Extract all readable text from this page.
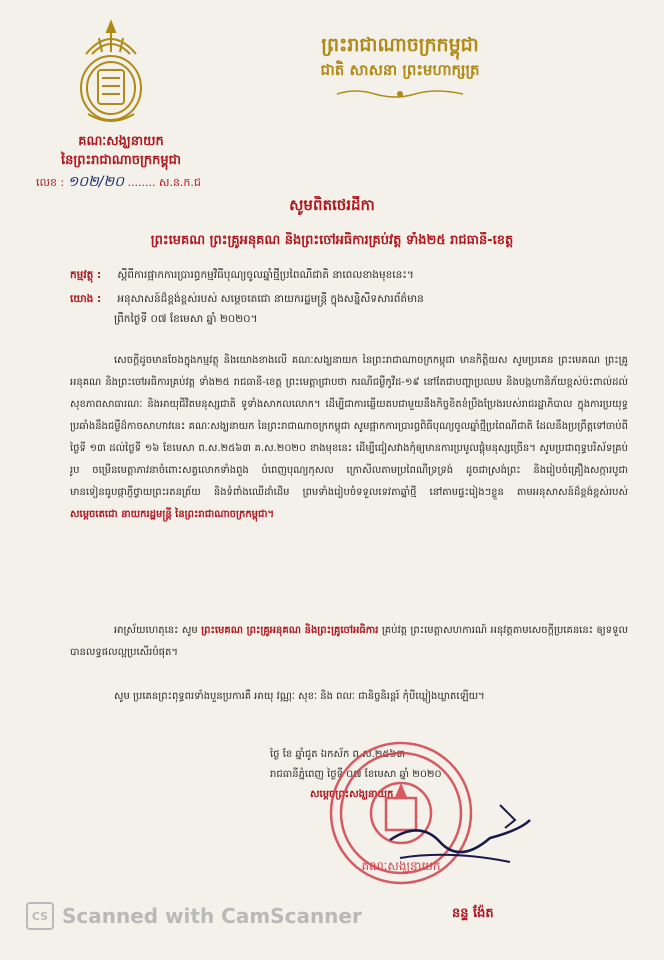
គណៈសង្ឃនាយក
នៃព្រះរាជាណាចក្រកម្ពុជា
លេខ : ១០២/២០ ........ ស.ន.ក.ជ
ព្រះរាជាណាចក្រកម្ពុជា
ជាតិ សាសនា ព្រះមហាក្សត្រ
សូមពិតថេរដីកា
ព្រះមេគណ ព្រះគ្រូអនុគណ និងព្រះចៅអធិការគ្រប់វត្ត ទាំង២៥ រាជធានី-ខេត្ត
កម្មវត្ថុ : ស្ដីពីការផ្អាកការប្រារព្ធកម្មវិធីបុណ្យចូលឆ្នាំថ្មីប្រពៃណីជាតិ នាពេលខាងមុខនេះ។
យោង : អនុសាសន៍ដ៏ខ្ពង់ខ្ពស់របស់ សម្ដេចតេជោ នាយករដ្ឋមន្ត្រី ក្នុងសន្និសីទសារព័ត៌មាន
ព្រឹកថ្ងៃទី ០៧ ខែមេសា ឆ្នាំ ២០២០។
សេចក្ដីដូចមានចែងក្នុងកម្មវត្ថុ និងយោងខាងលើ គណៈសង្ឃនាយក នៃព្រះរាជាណាចក្រកម្ពុជា មានកិត្តិយស សូមប្រគេន ព្រះមេគណ ព្រះគ្រូអនុគណ និងព្រះចៅអធិការគ្រប់វត្ត ទាំង២៥ រាជធានី-ខេត្ត ព្រះមេត្តាជ្រាបថា ករណីជម្ងឺកូវីដ-១៩ នៅតែជាបញ្ហាប្រឈម និងបង្កហានិភ័យខ្ពស់ប៉ះពាល់ដល់សុខភាពសាធារណៈ និងអាយុជីវិតមនុស្សជាតិ ទូទាំងសាកលលោក។ ដើម្បីជាការឆ្លើយតបជាមួយនឹងកិច្ចខិតខំប្រឹងប្រែងរបស់រាជរដ្ឋាភិបាល ក្នុងការប្រយុទ្ធប្រឆាំងនឹងជម្ងឺដ៏កាចសាហាវនេះ គណៈសង្ឃនាយក នៃព្រះរាជាណាចក្រកម្ពុជា សូមផ្អាកការប្រារព្ធពិធីបុណ្យចូលឆ្នាំថ្មីប្រពៃណីជាតិ ដែលនឹងប្រព្រឹត្តទៅចាប់ពីថ្ងៃទី ១៣ ដល់ថ្ងៃទី ១៦ ខែមេសា ព.ស.២៥៦៣ គ.ស.២០២០ ខាងមុខនេះ ដើម្បីជៀសវាងកុំឲ្យមានការប្រមូលផ្ដុំមនុស្សច្រើន។ សូមប្រជាពុទ្ធបរិស័ទគ្រប់រូប ចម្រើនមេត្តាភាវនាចំពោះសត្វលោកទាំងពួង បំពេញបុណ្យកុសល ក្រោសីលតាមប្រពៃណីទ្រទ្រង់ ដូចជាស្រង់ព្រះ និងរៀបចំគ្រឿងសក្ការបូជា មានទៀនធូបផ្កាភ្ញីថ្វាយព្រះរតនត្រ័យ និងទំពាំងឈើដាំដើម ព្រមទាំងរៀបចំទទួលទេវតាឆ្នាំថ្មី នៅតាមផ្ទះរៀងៗខ្លួន តាមអនុសាសន៍ដ៏ខ្ពង់ខ្ពស់របស់ សម្ដេចតេជោ នាយករដ្ឋមន្ត្រី នៃព្រះរាជាណាចក្រកម្ពុជា។
អាស្រ័យហេតុនេះ សូម ព្រះមេគណ ព្រះគ្រូអនុគណ និងព្រះគ្រូចៅអធិការ គ្រប់វត្ត ព្រះមេត្តាសហការណ៍ អនុវត្តតាមសេចក្ដីប្រគេននេះ ឲ្យទទួលបានលទ្ធផលល្អប្រសើរបំផុត។
សូម ប្រគេនព្រះពុទ្ធពរទាំងបួនប្រការគឺ អាយុ វណ្ណៈ សុខៈ និង ពលៈ ជានិច្ចនិរន្តរ៍ កុំបីឃ្លៀងឃ្លាតឡើយ។
ថ្ងៃ ខែ ឆ្នាំជូត ឯកស័ក ព.ស.២៥៦៣
រាជធានីភ្នំពេញ ថ្ងៃទី ០៧ ខែមេសា ឆ្នាំ ២០២០
សម្ដេចព្រះសង្ឃនាយក
គណៈសង្ឃនាយក
នន្ទ ង៉ែត
CS Scanned with CamScanner
